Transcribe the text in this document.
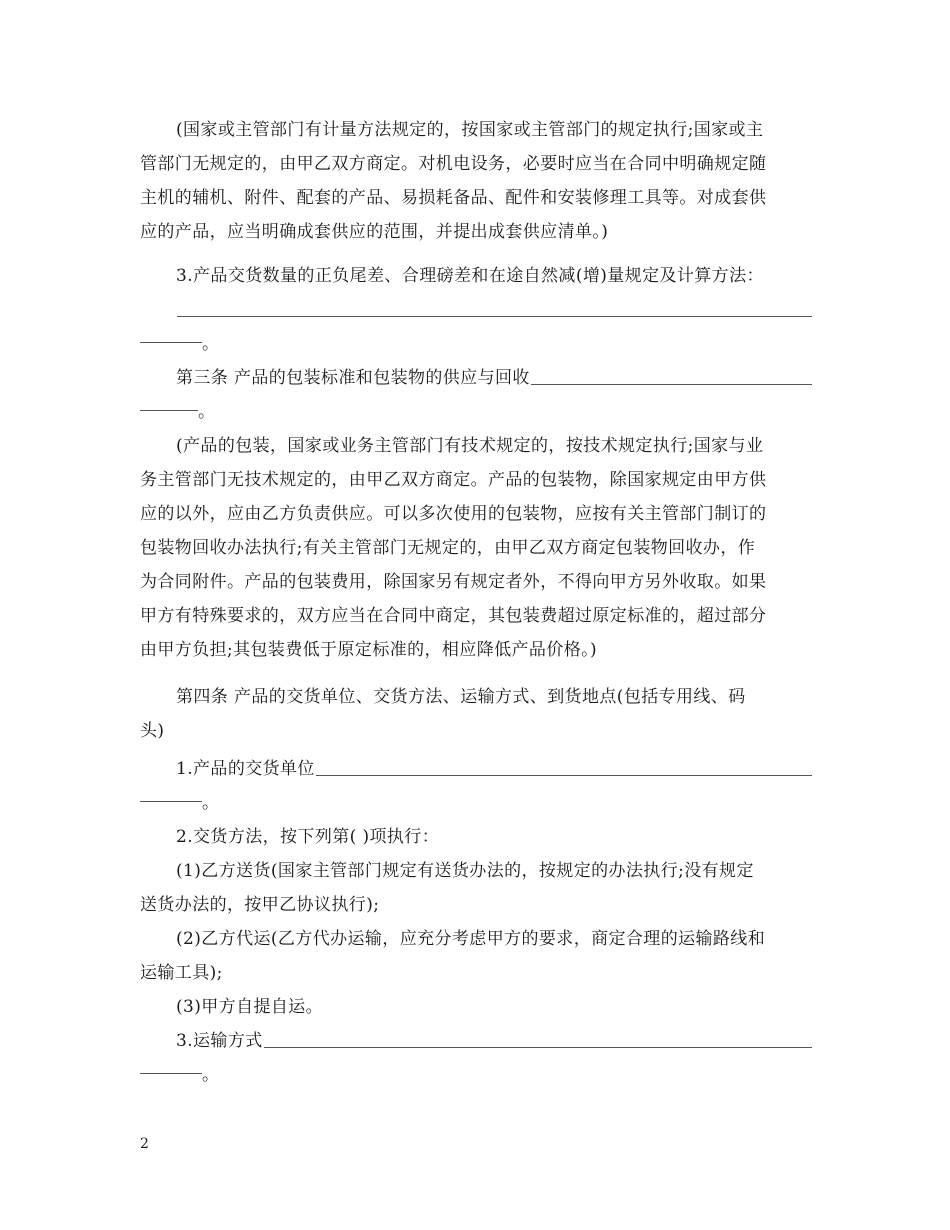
(国家或主管部门有计量方法规定的，按国家或主管部门的规定执行;国家或主
管部门无规定的，由甲乙双方商定。对机电设务，必要时应当在合同中明确规定随
主机的辅机、附件、配套的产品、易损耗备品、配件和安装修理工具等。对成套供
应的产品，应当明确成套供应的范围，并提出成套供应清单。)
3.产品交货数量的正负尾差、合理磅差和在途自然减(增)量规定及计算方法：
。
第三条 产品的包装标准和包装物的供应与回收
。
(产品的包装，国家或业务主管部门有技术规定的，按技术规定执行;国家与业
务主管部门无技术规定的，由甲乙双方商定。产品的包装物，除国家规定由甲方供
应的以外，应由乙方负责供应。可以多次使用的包装物，应按有关主管部门制订的
包装物回收办法执行;有关主管部门无规定的，由甲乙双方商定包装物回收办，作
为合同附件。产品的包装费用，除国家另有规定者外，不得向甲方另外收取。如果
甲方有特殊要求的，双方应当在合同中商定，其包装费超过原定标准的，超过部分
由甲方负担;其包装费低于原定标准的，相应降低产品价格。)
第四条 产品的交货单位、交货方法、运输方式、到货地点(包括专用线、码
头)
1.产品的交货单位
。
2.交货方法，按下列第( )项执行：
(1)乙方送货(国家主管部门规定有送货办法的，按规定的办法执行;没有规定
送货办法的，按甲乙协议执行);
(2)乙方代运(乙方代办运输，应充分考虑甲方的要求，商定合理的运输路线和
运输工具);
(3)甲方自提自运。
3.运输方式
。
2
